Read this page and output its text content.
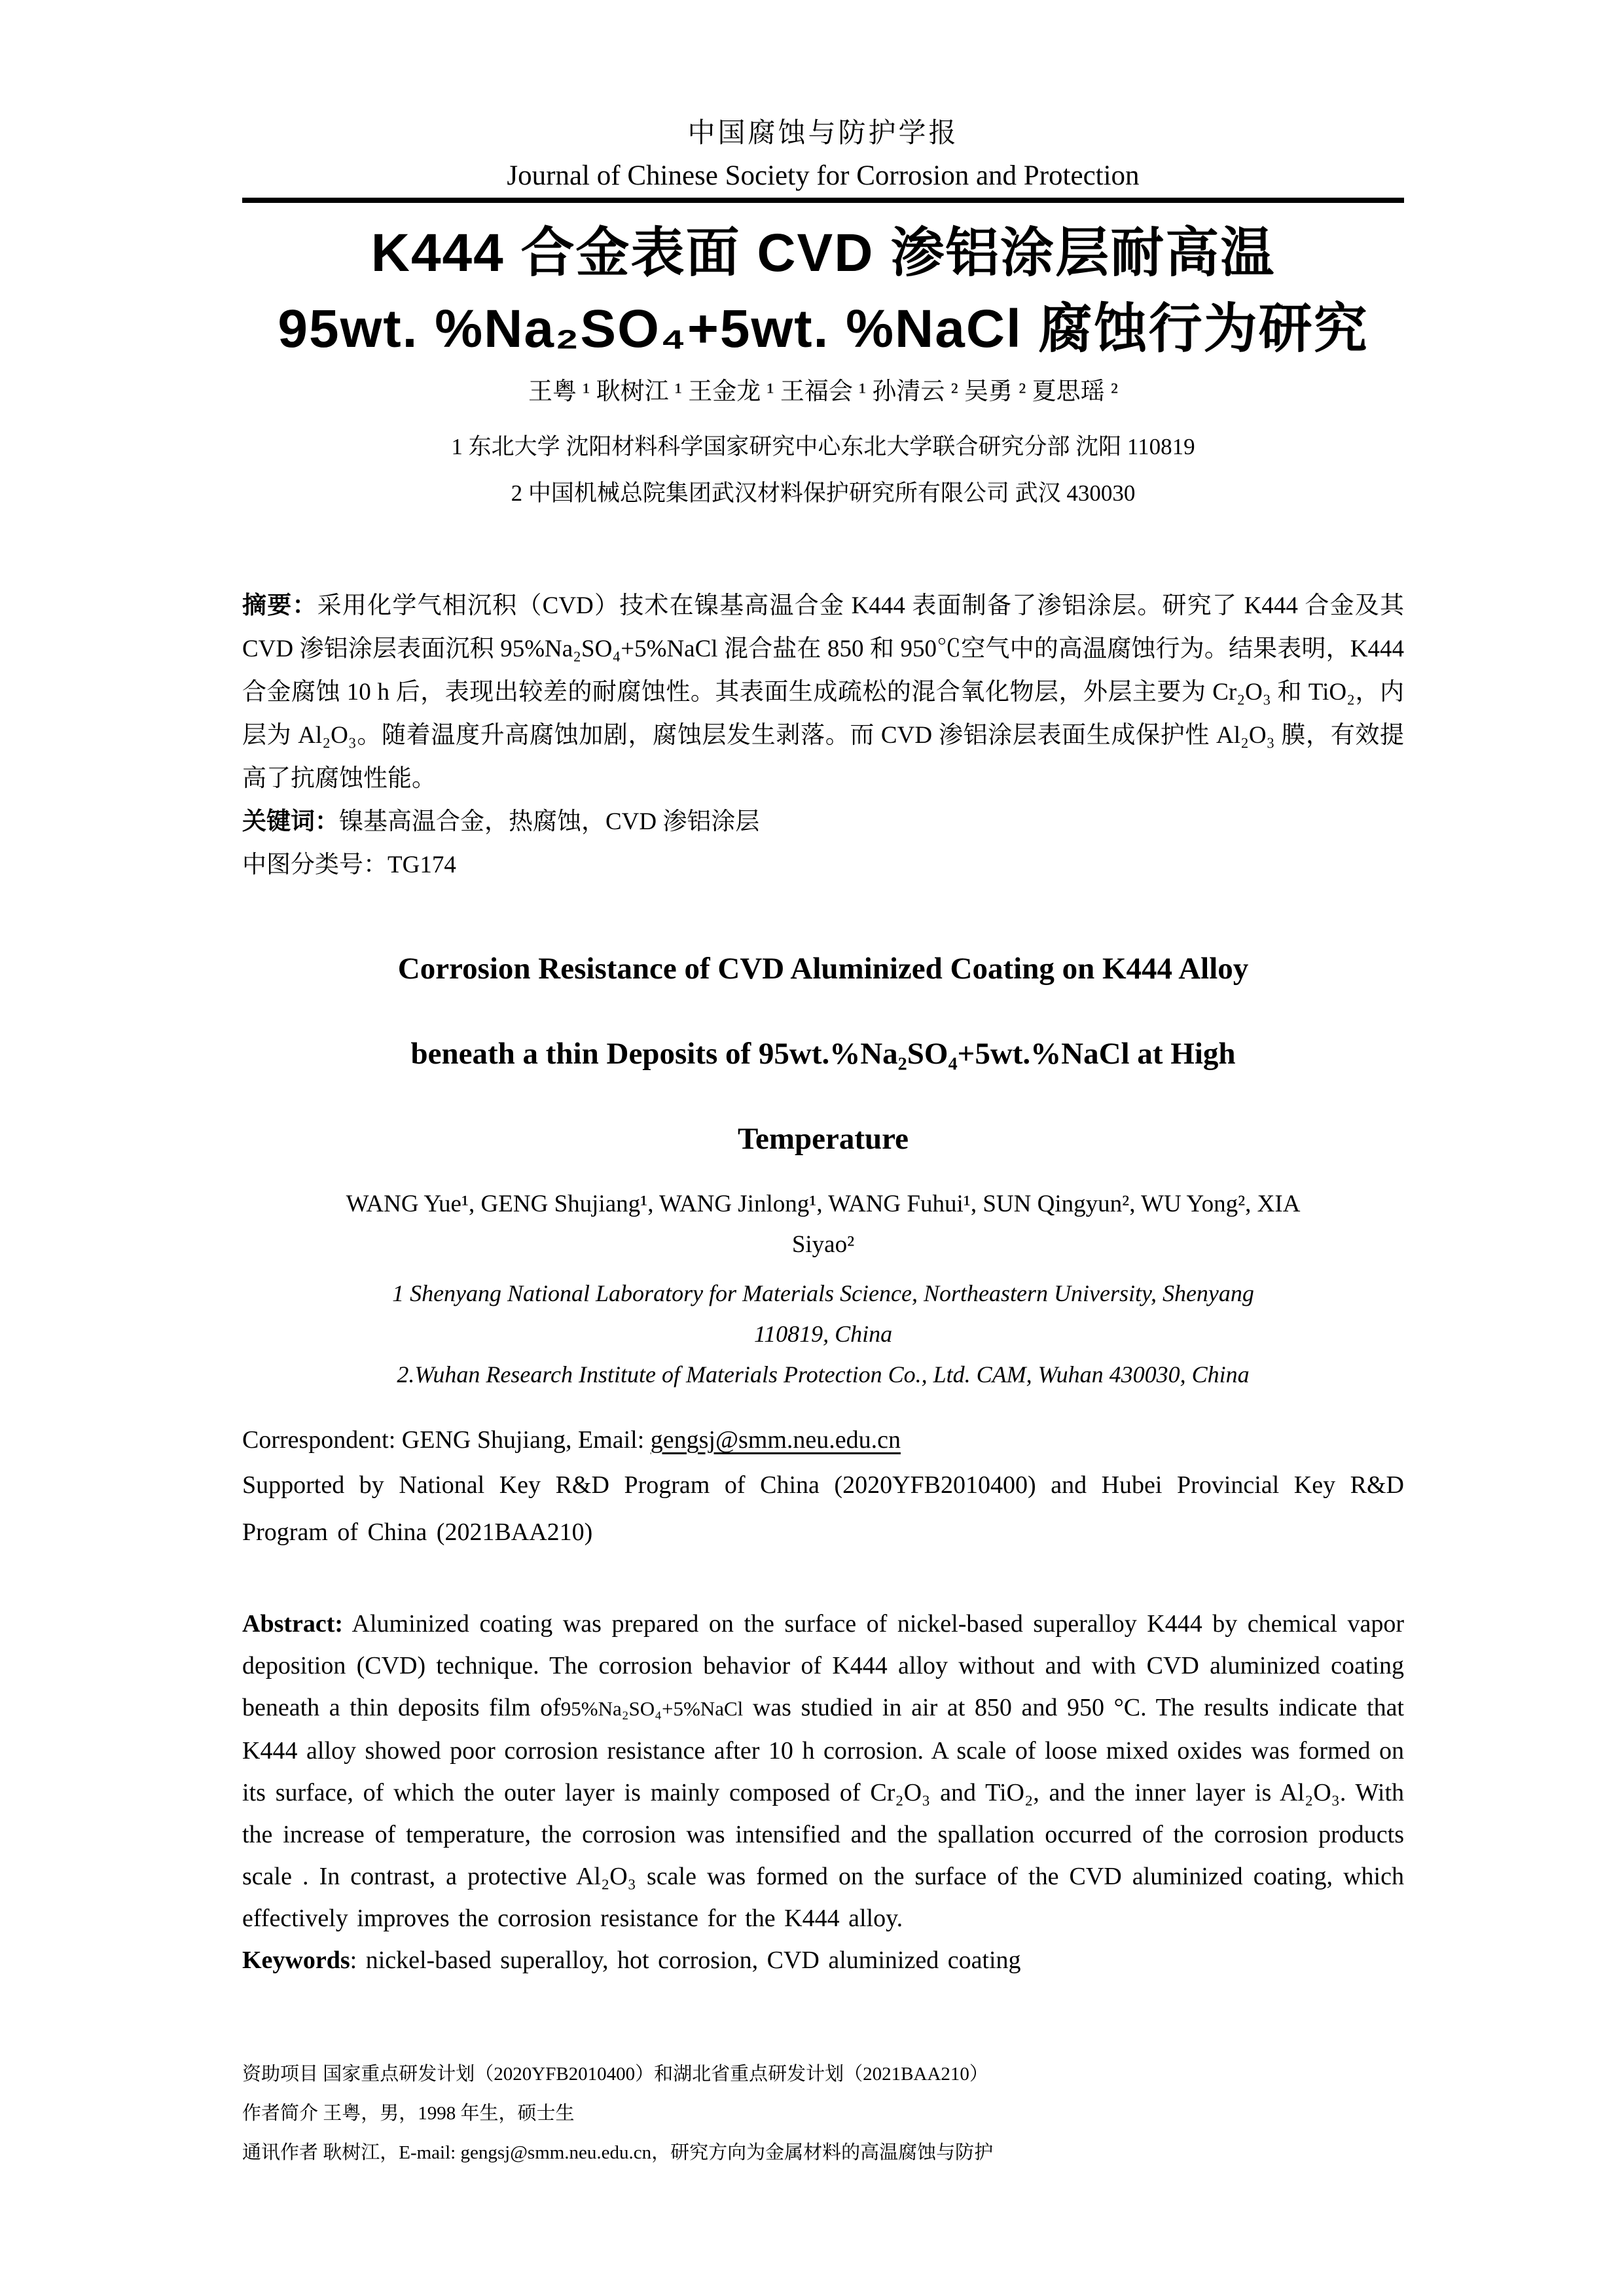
中国腐蚀与防护学报
Journal of Chinese Society for Corrosion and Protection
K444 合金表面 CVD 渗铝涂层耐高温
95wt. %Na₂SO₄+5wt. %NaCl 腐蚀行为研究
王粤 ¹ 耿树江 ¹ 王金龙 ¹ 王福会 ¹ 孙清云 ² 吴勇 ² 夏思瑶 ²
1 东北大学 沈阳材料科学国家研究中心东北大学联合研究分部 沈阳 110819
2 中国机械总院集团武汉材料保护研究所有限公司 武汉 430030
摘要：采用化学气相沉积（CVD）技术在镍基高温合金 K444 表面制备了渗铝涂层。研究了 K444 合金及其 CVD 渗铝涂层表面沉积 95%Na₂SO₄+5%NaCl 混合盐在 850 和 950℃空气中的高温腐蚀行为。结果表明，K444 合金腐蚀 10 h 后，表现出较差的耐腐蚀性。其表面生成疏松的混合氧化物层，外层主要为 Cr₂O₃ 和 TiO₂，内层为 Al₂O₃。随着温度升高腐蚀加剧，腐蚀层发生剥落。而 CVD 渗铝涂层表面生成保护性 Al₂O₃ 膜，有效提高了抗腐蚀性能。
关键词：镍基高温合金，热腐蚀，CVD 渗铝涂层
中图分类号：TG174
Corrosion Resistance of CVD Aluminized Coating on K444 Alloy
beneath a thin Deposits of 95wt.%Na₂SO₄+5wt.%NaCl at High
Temperature
WANG Yue¹, GENG Shujiang¹, WANG Jinlong¹, WANG Fuhui¹, SUN Qingyun², WU Yong², XIA
Siyao²
1 Shenyang National Laboratory for Materials Science, Northeastern University, Shenyang
110819, China
2.Wuhan Research Institute of Materials Protection Co., Ltd. CAM, Wuhan 430030, China
Correspondent: GENG Shujiang, Email: gengsj@smm.neu.edu.cn
Supported by National Key R&D Program of China (2020YFB2010400) and Hubei Provincial Key R&D Program of China (2021BAA210)
Abstract: Aluminized coating was prepared on the surface of nickel-based superalloy K444 by chemical vapor deposition (CVD) technique. The corrosion behavior of K444 alloy without and with CVD aluminized coating beneath a thin deposits film of95%Na₂SO₄+5%NaCl was studied in air at 850 and 950 °C. The results indicate that K444 alloy showed poor corrosion resistance after 10 h corrosion. A scale of loose mixed oxides was formed on its surface, of which the outer layer is mainly composed of Cr₂O₃ and TiO₂, and the inner layer is Al₂O₃. With the increase of temperature, the corrosion was intensified and the spallation occurred of the corrosion products scale . In contrast, a protective Al₂O₃ scale was formed on the surface of the CVD aluminized coating, which effectively improves the corrosion resistance for the K444 alloy.
Keywords: nickel-based superalloy, hot corrosion, CVD aluminized coating
资助项目 国家重点研发计划（2020YFB2010400）和湖北省重点研发计划（2021BAA210）
作者简介 王粤，男，1998 年生，硕士生
通讯作者 耿树江，E-mail: gengsj@smm.neu.edu.cn，研究方向为金属材料的高温腐蚀与防护
